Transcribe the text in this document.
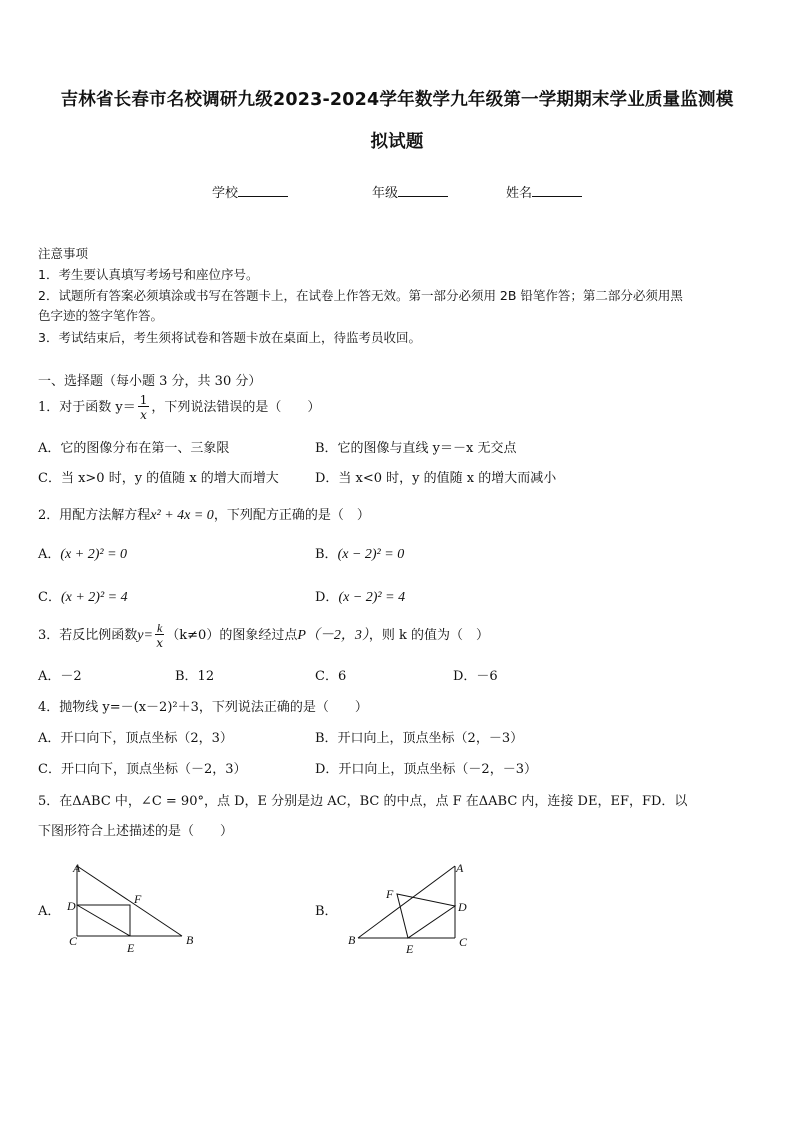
吉林省长春市名校调研九级2023-2024学年数学九年级第一学期期末学业质量监测模
拟试题
学校	年级	姓名
注意事项
1．考生要认真填写考场号和座位序号。
2．试题所有答案必须填涂或书写在答题卡上，在试卷上作答无效。第一部分必须用 2B 铅笔作答；第二部分必须用黑
色字迹的签字笔作答。
3．考试结束后，考生须将试卷和答题卡放在桌面上，待监考员收回。
一、选择题（每小题 3 分，共 30 分）
1．对于函数 $y= \frac{1}{x}$ ，下列说法错误的是（　　）
A．它的图像分布在第一、三象限	B．它的图像与直线 y＝－x 无交点
C．当 x>0 时，y 的值随 x 的增大而增大	D．当 x<0 时，y 的值随 x 的增大而减小
2．用配方法解方程x² + 4x = 0，下列配方正确的是（　）
A．(x + 2)² = 0	B．(x − 2)² = 0
C．(x + 2)² = 4	D．(x − 2)² = 4
3．若反比例函数$y= \frac{k}{x} (k\ne 0)$的图象经过点P（－2，3），则 k 的值为（　）
A．－2	B．12	C．6	D．－6
4．抛物线 y=－(x－2)²＋3，下列说法正确的是（　　）
A．开口向下，顶点坐标（2，3）	B．开口向上，顶点坐标（2，－3）
C．开口向下，顶点坐标（－2，3）	D．开口向上，顶点坐标（－2，－3）
5．在ΔABC 中，∠C = 90°，点 D，E 分别是边 AC，BC 的中点，点 F 在ΔABC 内，连接 DE，EF，FD．以
下图形符合上述描述的是（　　）
A．	B．
A
D	F
C	E
B
A
F
D
B
E	C
